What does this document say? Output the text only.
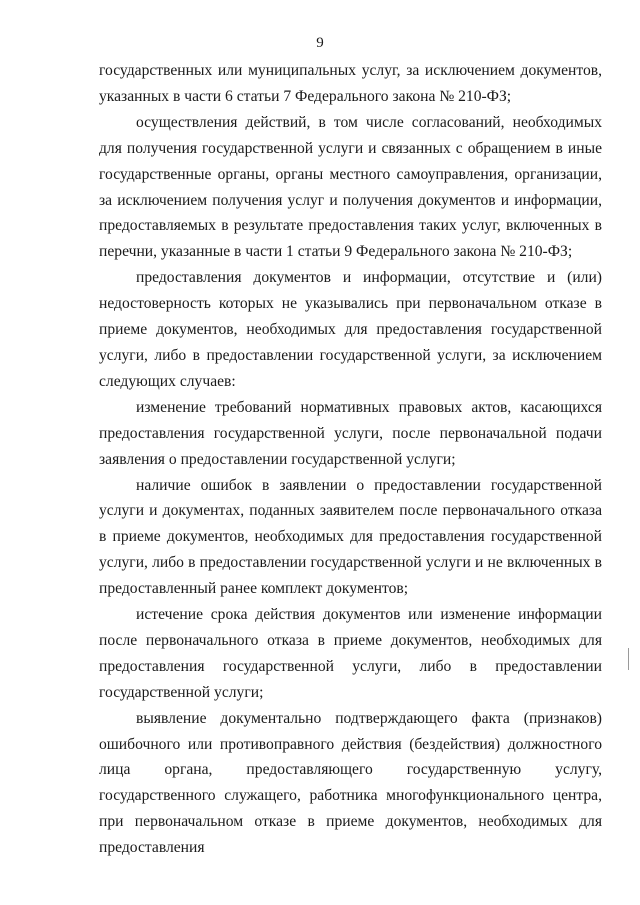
9

государственных или муниципальных услуг, за исключением документов, указанных в части 6 статьи 7 Федерального закона № 210-ФЗ;

осуществления действий, в том числе согласований, необходимых для получения государственной услуги и связанных с обращением в иные государственные органы, органы местного самоуправления, организации, за исключением получения услуг и получения документов и информации, предоставляемых в результате предоставления таких услуг, включенных в перечни, указанные в части 1 статьи 9 Федерального закона № 210-ФЗ;

предоставления документов и информации, отсутствие и (или) недостоверность которых не указывались при первоначальном отказе в приеме документов, необходимых для предоставления государственной услуги, либо в предоставлении государственной услуги, за исключением следующих случаев:

изменение требований нормативных правовых актов, касающихся предоставления государственной услуги, после первоначальной подачи заявления о предоставлении государственной услуги;

наличие ошибок в заявлении о предоставлении государственной услуги и документах, поданных заявителем после первоначального отказа в приеме документов, необходимых для предоставления государственной услуги, либо в предоставлении государственной услуги и не включенных в предоставленный ранее комплект документов;

истечение срока действия документов или изменение информации после первоначального отказа в приеме документов, необходимых для предоставления государственной услуги, либо в предоставлении государственной услуги;

выявление документально подтверждающего факта (признаков) ошибочного или противоправного действия (бездействия) должностного лица органа, предоставляющего государственную услугу, государственного служащего, работника многофункционального центра, при первоначальном отказе в приеме документов, необходимых для предоставления
